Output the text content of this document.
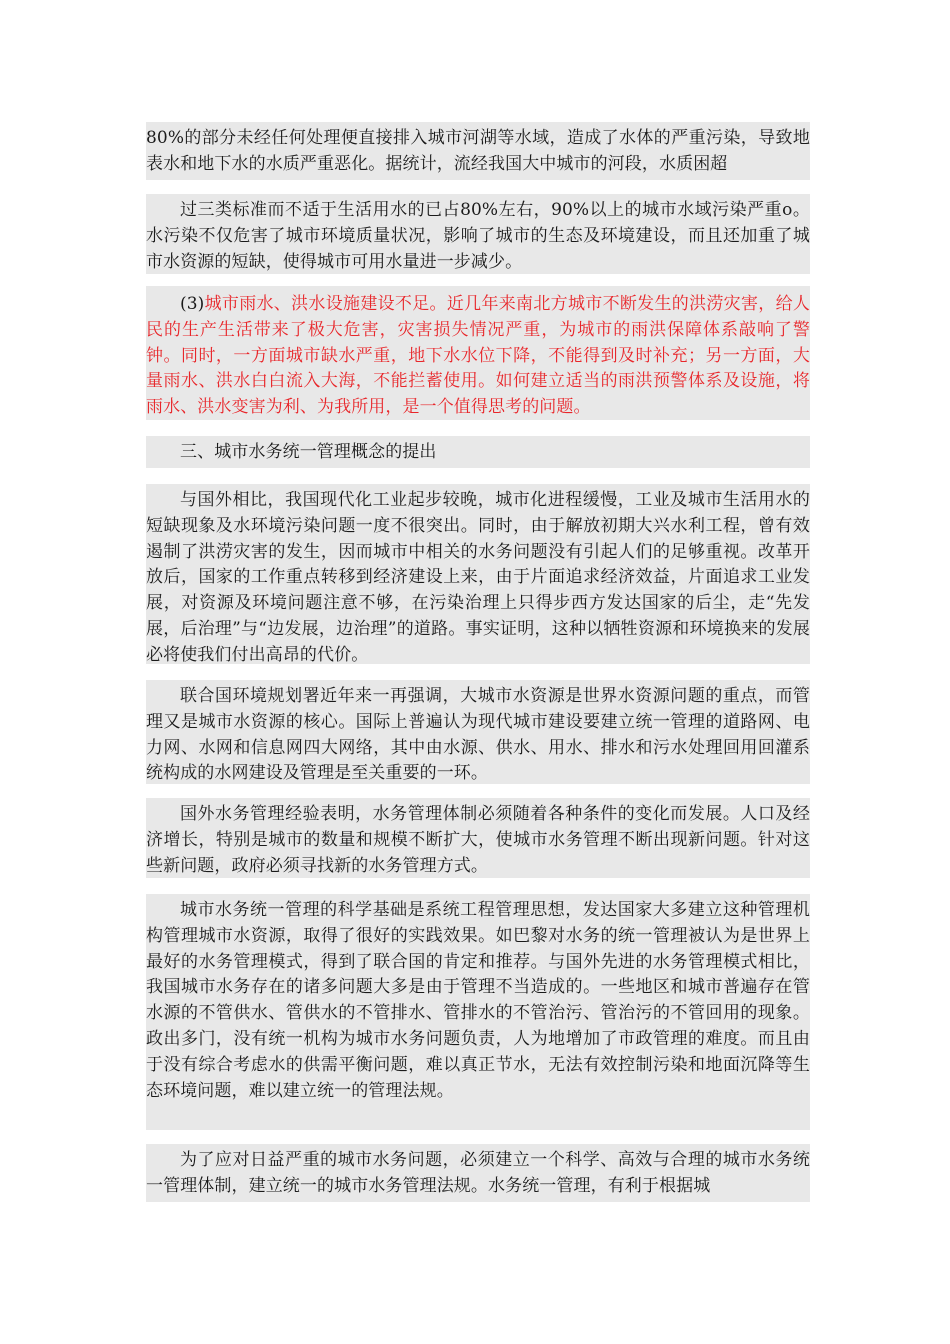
80%的部分未经任何处理便直接排入城市河湖等水域，造成了水体的严重污染，导致地表水和地下水的水质严重恶化。据统计，流经我国大中城市的河段，水质困超

过三类标准而不适于生活用水的已占80%左右，90%以上的城市水域污染严重o。水污染不仅危害了城市环境质量状况，影响了城市的生态及环境建设，而且还加重了城市水资源的短缺，使得城市可用水量进一步减少。

(3)城市雨水、洪水设施建设不足。近几年来南北方城市不断发生的洪涝灾害，给人民的生产生活带来了极大危害，灾害损失情况严重，为城市的雨洪保障体系敲响了警钟。同时，一方面城市缺水严重，地下水水位下降，不能得到及时补充；另一方面，大量雨水、洪水白白流入大海，不能拦蓄使用。如何建立适当的雨洪预警体系及设施，将雨水、洪水变害为利、为我所用，是一个值得思考的问题。

三、城市水务统一管理概念的提出

与国外相比，我国现代化工业起步较晚，城市化进程缓慢，工业及城市生活用水的短缺现象及水环境污染问题一度不很突出。同时，由于解放初期大兴水利工程，曾有效遏制了洪涝灾害的发生，因而城市中相关的水务问题没有引起人们的足够重视。改革开放后，国家的工作重点转移到经济建设上来，由于片面追求经济效益，片面追求工业发展，对资源及环境问题注意不够，在污染治理上只得步西方发达国家的后尘，走“先发展，后治理”与“边发展，边治理”的道路。事实证明，这种以牺牲资源和环境换来的发展必将使我们付出高昂的代价。

联合国环境规划署近年来一再强调，大城市水资源是世界水资源问题的重点，而管理又是城市水资源的核心。国际上普遍认为现代城市建设要建立统一管理的道路网、电力网、水网和信息网四大网络，其中由水源、供水、用水、排水和污水处理回用回灌系统构成的水网建设及管理是至关重要的一环。

国外水务管理经验表明，水务管理体制必须随着各种条件的变化而发展。人口及经济增长，特别是城市的数量和规模不断扩大，使城市水务管理不断出现新问题。针对这些新问题，政府必须寻找新的水务管理方式。

城市水务统一管理的科学基础是系统工程管理思想，发达国家大多建立这种管理机构管理城市水资源，取得了很好的实践效果。如巴黎对水务的统一管理被认为是世界上最好的水务管理模式，得到了联合国的肯定和推荐。与国外先进的水务管理模式相比，我国城市水务存在的诸多问题大多是由于管理不当造成的。一些地区和城市普遍存在管水源的不管供水、管供水的不管排水、管排水的不管治污、管治污的不管回用的现象。政出多门，没有统一机构为城市水务问题负责，人为地增加了市政管理的难度。而且由于没有综合考虑水的供需平衡问题，难以真正节水，无法有效控制污染和地面沉降等生态环境问题，难以建立统一的管理法规。

为了应对日益严重的城市水务问题，必须建立一个科学、高效与合理的城市水务统一管理体制，建立统一的城市水务管理法规。水务统一管理，有利于根据城
